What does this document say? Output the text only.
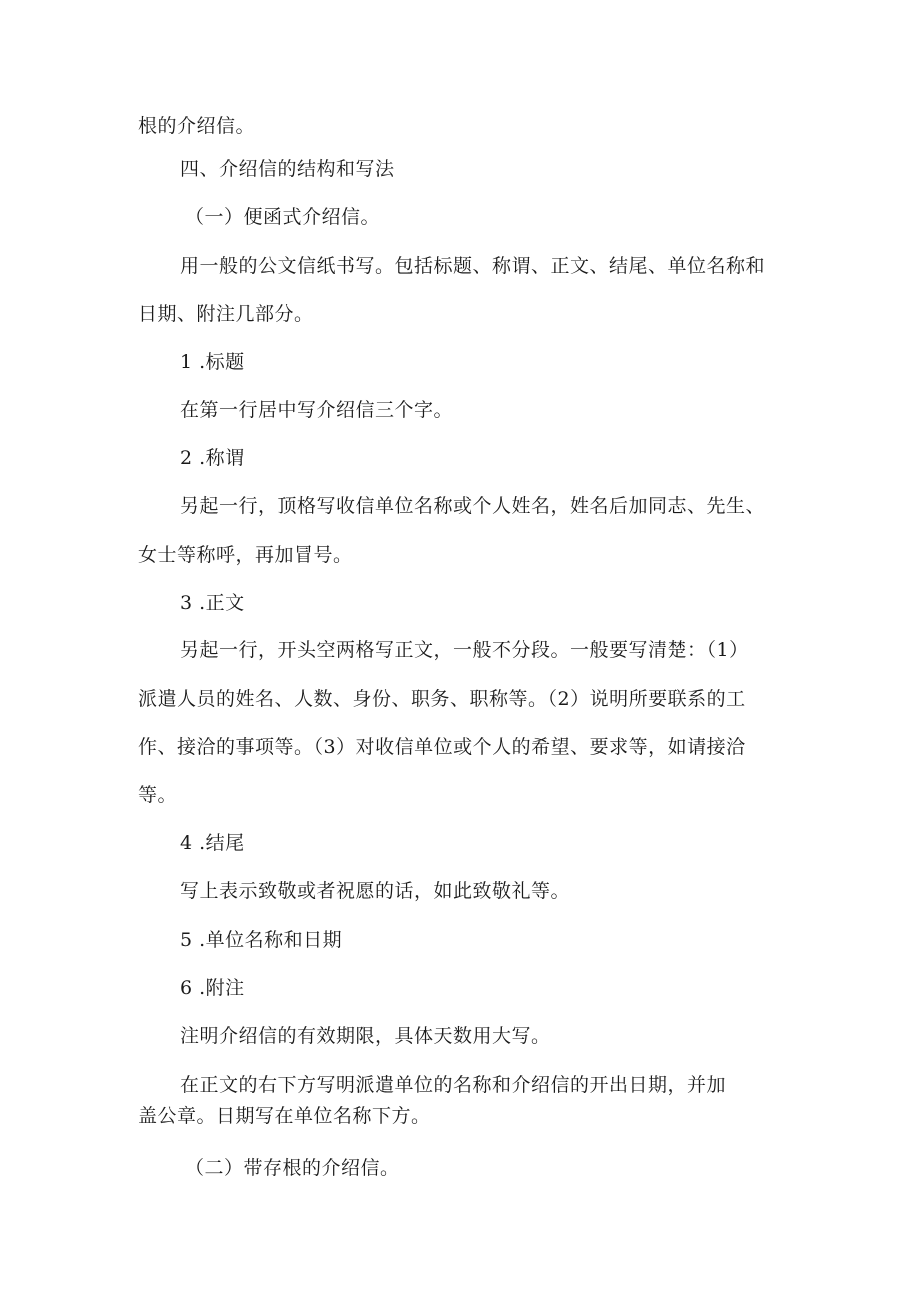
根的介绍信。
四、介绍信的结构和写法
（一）便函式介绍信。
用一般的公文信纸书写。包括标题、称谓、正文、结尾、单位名称和
日期、附注几部分。
1 .标题
在第一行居中写介绍信三个字。
2 .称谓
另起一行，顶格写收信单位名称或个人姓名，姓名后加同志、先生、
女士等称呼，再加冒号。
3 .正文
另起一行，开头空两格写正文，一般不分段。一般要写清楚：（1）
派遣人员的姓名、人数、身份、职务、职称等。（2）说明所要联系的工
作、接洽的事项等。（3）对收信单位或个人的希望、要求等，如请接洽
等。
4 .结尾
写上表示致敬或者祝愿的话，如此致敬礼等。
5 .单位名称和日期
6 .附注
注明介绍信的有效期限，具体天数用大写。
在正文的右下方写明派遣单位的名称和介绍信的开出日期，并加
盖公章。日期写在单位名称下方。
（二）带存根的介绍信。
